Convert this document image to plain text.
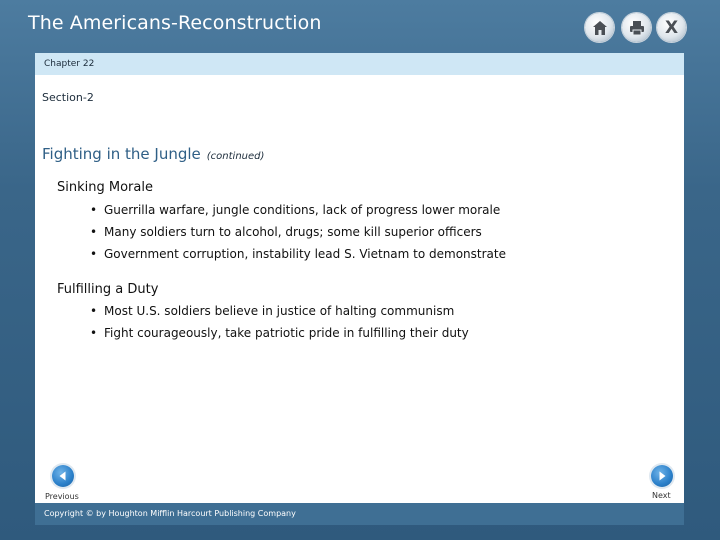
The Americans-Reconstruction	X
Chapter 22
Section-2
Fighting in the Jungle (continued)
Sinking Morale
• Guerrilla warfare, jungle conditions, lack of progress lower morale
• Many soldiers turn to alcohol, drugs; some kill superior officers
• Government corruption, instability lead S. Vietnam to demonstrate
Fulfilling a Duty
• Most U.S. soldiers believe in justice of halting communism
• Fight courageously, take patriotic pride in fulfilling their duty
Previous	Next
Copyright © by Houghton Mifflin Harcourt Publishing Company
